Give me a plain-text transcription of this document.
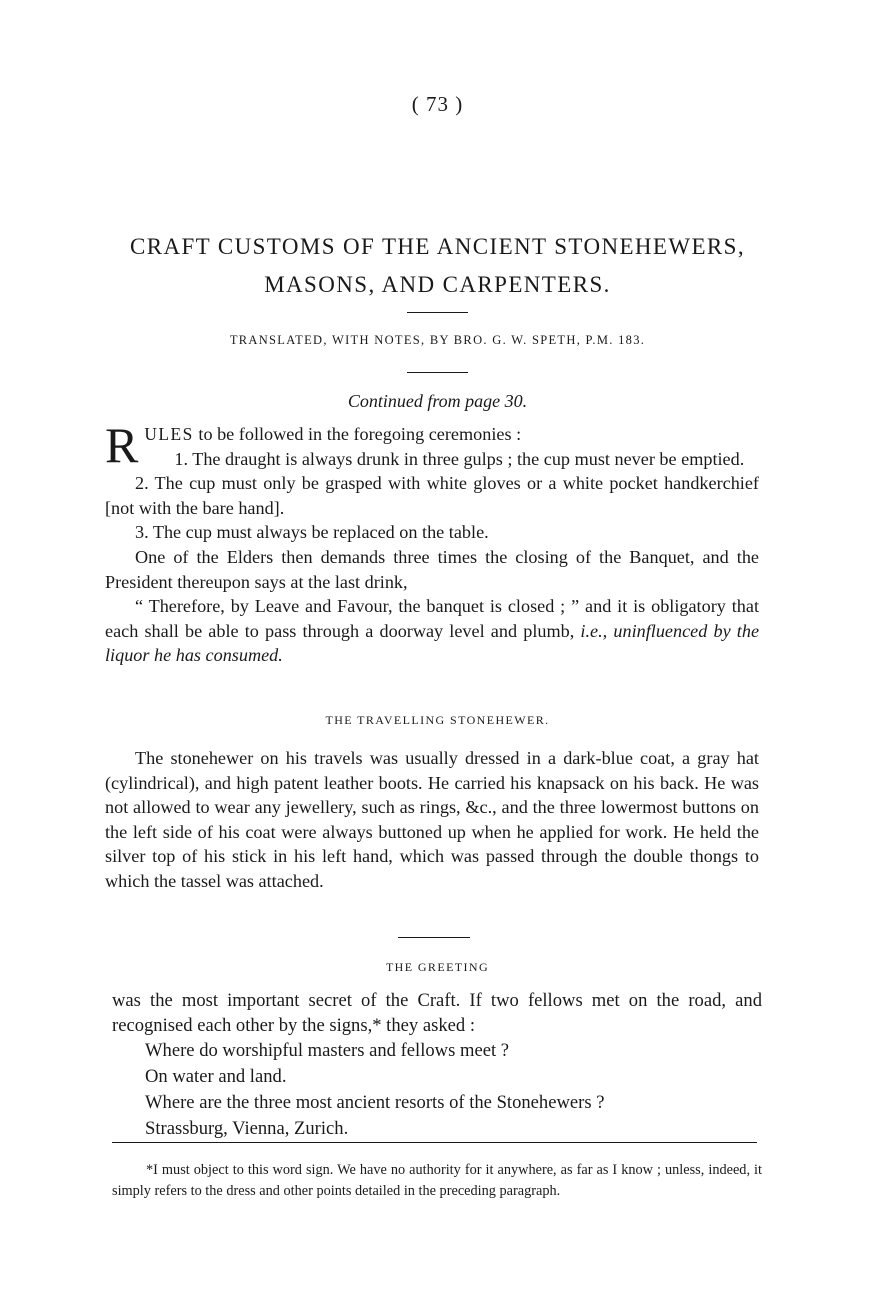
( 73 )
CRAFT CUSTOMS OF THE ANCIENT STONEHEWERS,
MASONS, AND CARPENTERS.
TRANSLATED, WITH NOTES, BY BRO. G. W. SPETH, P.M. 183.
Continued from page 30.

RULES to be followed in the foregoing ceremonies :

1. The draught is always drunk in three gulps ; the cup must never be emptied.

2. The cup must only be grasped with white gloves or a white pocket handkerchief [not with the bare hand].

3. The cup must always be replaced on the table.

One of the Elders then demands three times the closing of the Banquet, and the President thereupon says at the last drink,

“ Therefore, by Leave and Favour, the banquet is closed ; ” and it is obligatory that each shall be able to pass through a doorway level and plumb, i.e., uninfluenced by the liquor he has consumed.

THE TRAVELLING STONEHEWER.

The stonehewer on his travels was usually dressed in a dark-blue coat, a gray hat (cylindrical), and high patent leather boots. He carried his knapsack on his back. He was not allowed to wear any jewellery, such as rings, &c., and the three lowermost buttons on the left side of his coat were always buttoned up when he applied for work. He held the silver top of his stick in his left hand, which was passed through the double thongs to which the tassel was attached.

THE GREETING

was the most important secret of the Craft. If two fellows met on the road, and recognised each other by the signs,* they asked :

Where do worshipful masters and fellows meet ?
On water and land.
Where are the three most ancient resorts of the Stonehewers ?
Strassburg, Vienna, Zurich.

*I must object to this word sign. We have no authority for it anywhere, as far as I know ; unless, indeed, it simply refers to the dress and other points detailed in the preceding paragraph.
